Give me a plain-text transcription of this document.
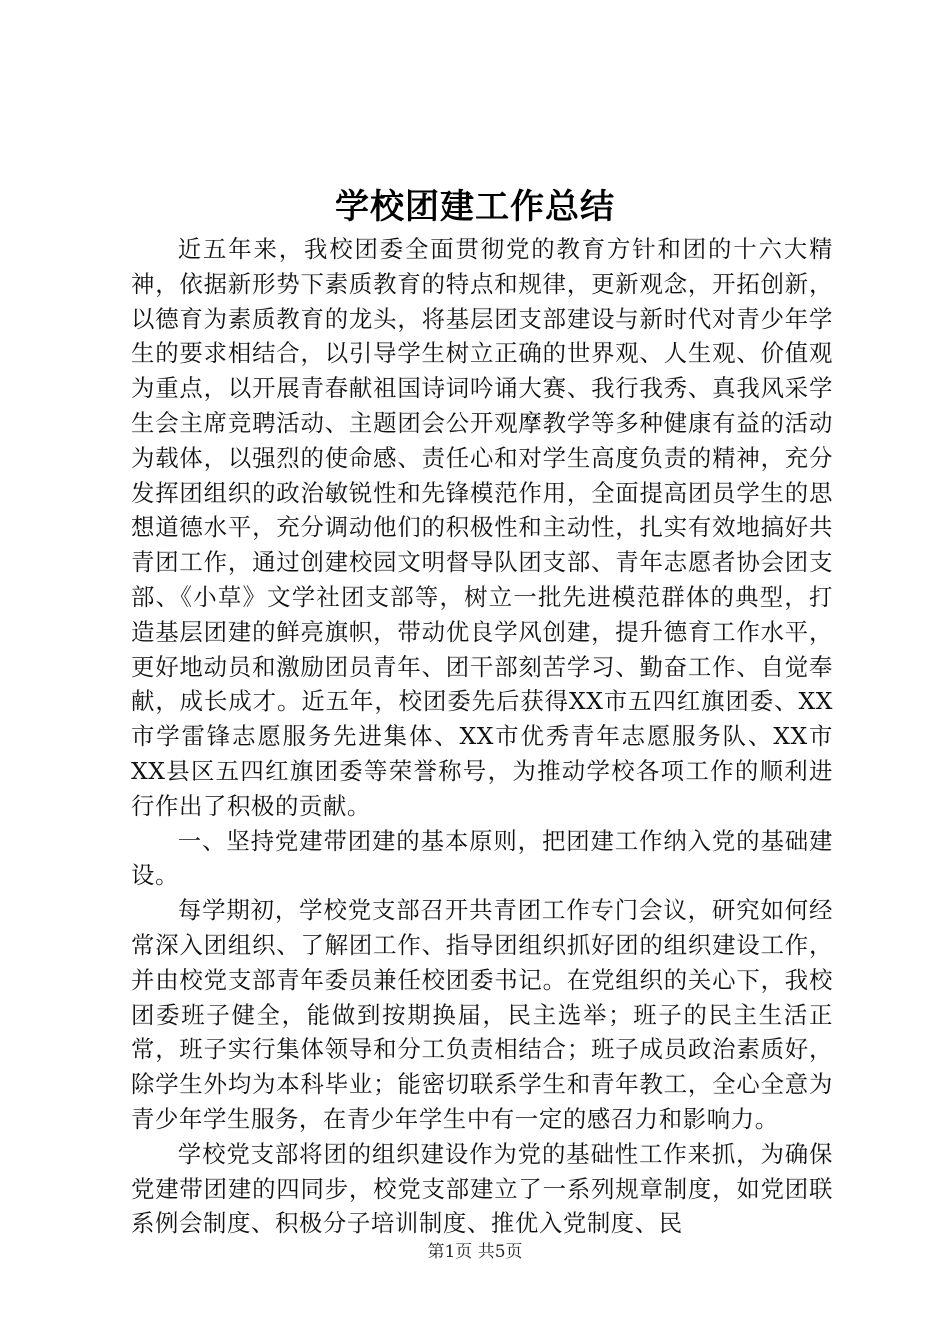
学校团建工作总结

近五年来，我校团委全面贯彻党的教育方针和团的十六大精神，依据新形势下素质教育的特点和规律，更新观念，开拓创新，以德育为素质教育的龙头，将基层团支部建设与新时代对青少年学生的要求相结合，以引导学生树立正确的世界观、人生观、价值观为重点，以开展青春献祖国诗词吟诵大赛、我行我秀、真我风采学生会主席竞聘活动、主题团会公开观摩教学等多种健康有益的活动为载体，以强烈的使命感、责任心和对学生高度负责的精神，充分发挥团组织的政治敏锐性和先锋模范作用，全面提高团员学生的思想道德水平，充分调动他们的积极性和主动性，扎实有效地搞好共青团工作，通过创建校园文明督导队团支部、青年志愿者协会团支部、《小草》文学社团支部等，树立一批先进模范群体的典型，打造基层团建的鲜亮旗帜，带动优良学风创建，提升德育工作水平，更好地动员和激励团员青年、团干部刻苦学习、勤奋工作、自觉奉献，成长成才。近五年，校团委先后获得XX市五四红旗团委、XX市学雷锋志愿服务先进集体、XX市优秀青年志愿服务队、XX市XX县区五四红旗团委等荣誉称号，为推动学校各项工作的顺利进行作出了积极的贡献。

一、坚持党建带团建的基本原则，把团建工作纳入党的基础建设。

每学期初，学校党支部召开共青团工作专门会议，研究如何经常深入团组织、了解团工作、指导团组织抓好团的组织建设工作，并由校党支部青年委员兼任校团委书记。在党组织的关心下，我校团委班子健全，能做到按期换届，民主选举；班子的民主生活正常，班子实行集体领导和分工负责相结合；班子成员政治素质好，除学生外均为本科毕业；能密切联系学生和青年教工，全心全意为青少年学生服务，在青少年学生中有一定的感召力和影响力。

学校党支部将团的组织建设作为党的基础性工作来抓，为确保党建带团建的四同步，校党支部建立了一系列规章制度，如党团联系例会制度、积极分子培训制度、推优入党制度、民

第1页 共5页
